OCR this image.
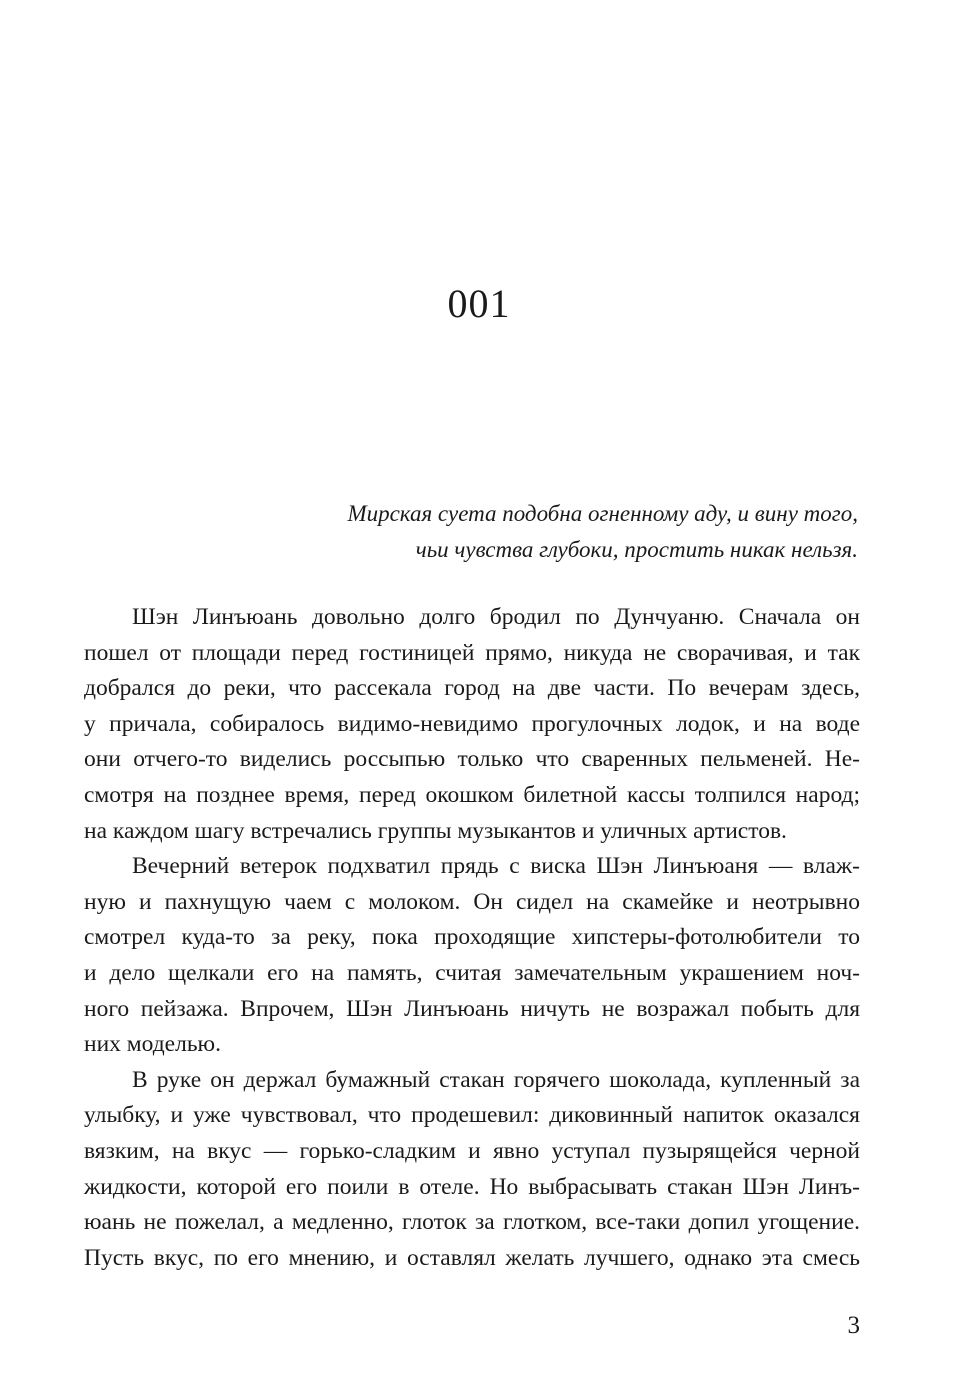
001
Мирская суета подобна огненному аду, и вину того,
чьи чувства глубоки, простить никак нельзя.

Шэн Линъюань довольно долго бродил по Дунчуаню. Сначала он
пошел от площади перед гостиницей прямо, никуда не сворачивая, и так
добрался до реки, что рассекала город на две части. По вечерам здесь,
у причала, собиралось видимо-невидимо прогулочных лодок, и на воде
они отчего-то виделись россыпью только что сваренных пельменей. Не-
смотря на позднее время, перед окошком билетной кассы толпился народ;
на каждом шагу встречались группы музыкантов и уличных артистов.

Вечерний ветерок подхватил прядь с виска Шэн Линъюаня — влаж-
ную и пахнущую чаем с молоком. Он сидел на скамейке и неотрывно
смотрел куда-то за реку, пока проходящие хипстеры-фотолюбители то
и дело щелкали его на память, считая замечательным украшением ноч-
ного пейзажа. Впрочем, Шэн Линъюань ничуть не возражал побыть для
них моделью.

В руке он держал бумажный стакан горячего шоколада, купленный за
улыбку, и уже чувствовал, что продешевил: диковинный напиток оказался
вязким, на вкус — горько-сладким и явно уступал пузырящейся черной
жидкости, которой его поили в отеле. Но выбрасывать стакан Шэн Линъ-
юань не пожелал, а медленно, глоток за глотком, все-таки допил угощение.
Пусть вкус, по его мнению, и оставлял желать лучшего, однако эта смесь

3
